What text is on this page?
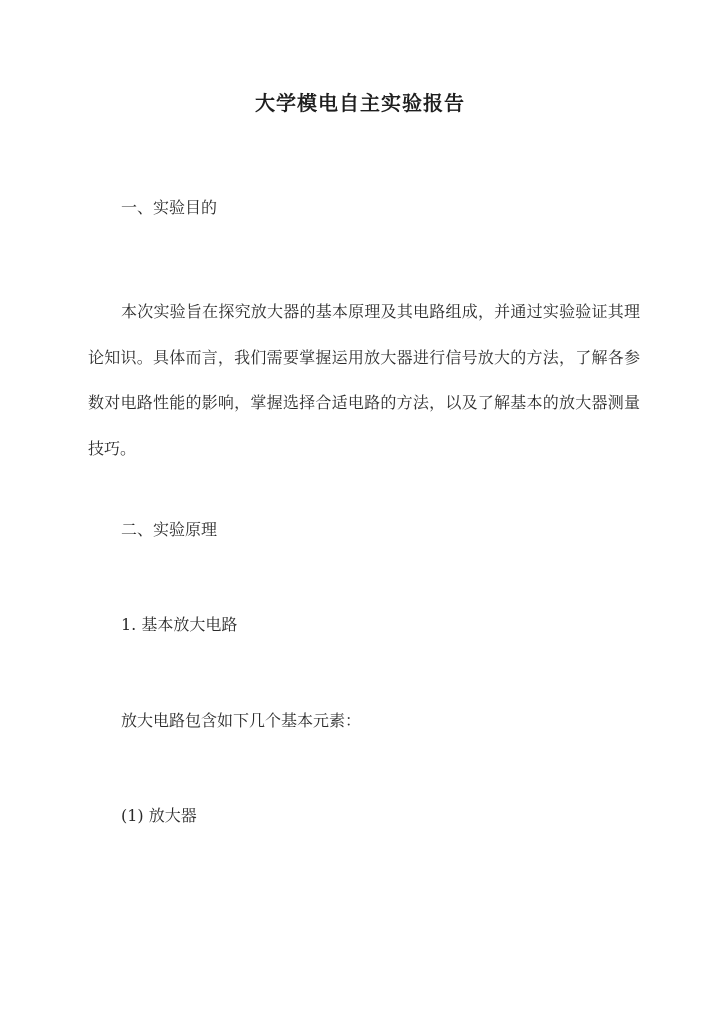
大学模电自主实验报告
一、实验目的

本次实验旨在探究放大器的基本原理及其电路组成，并通过实验验证其理论知识。具体而言，我们需要掌握运用放大器进行信号放大的方法，了解各参数对电路性能的影响，掌握选择合适电路的方法，以及了解基本的放大器测量技巧。

二、实验原理
1. 基本放大电路
放大电路包含如下几个基本元素：
(1) 放大器
